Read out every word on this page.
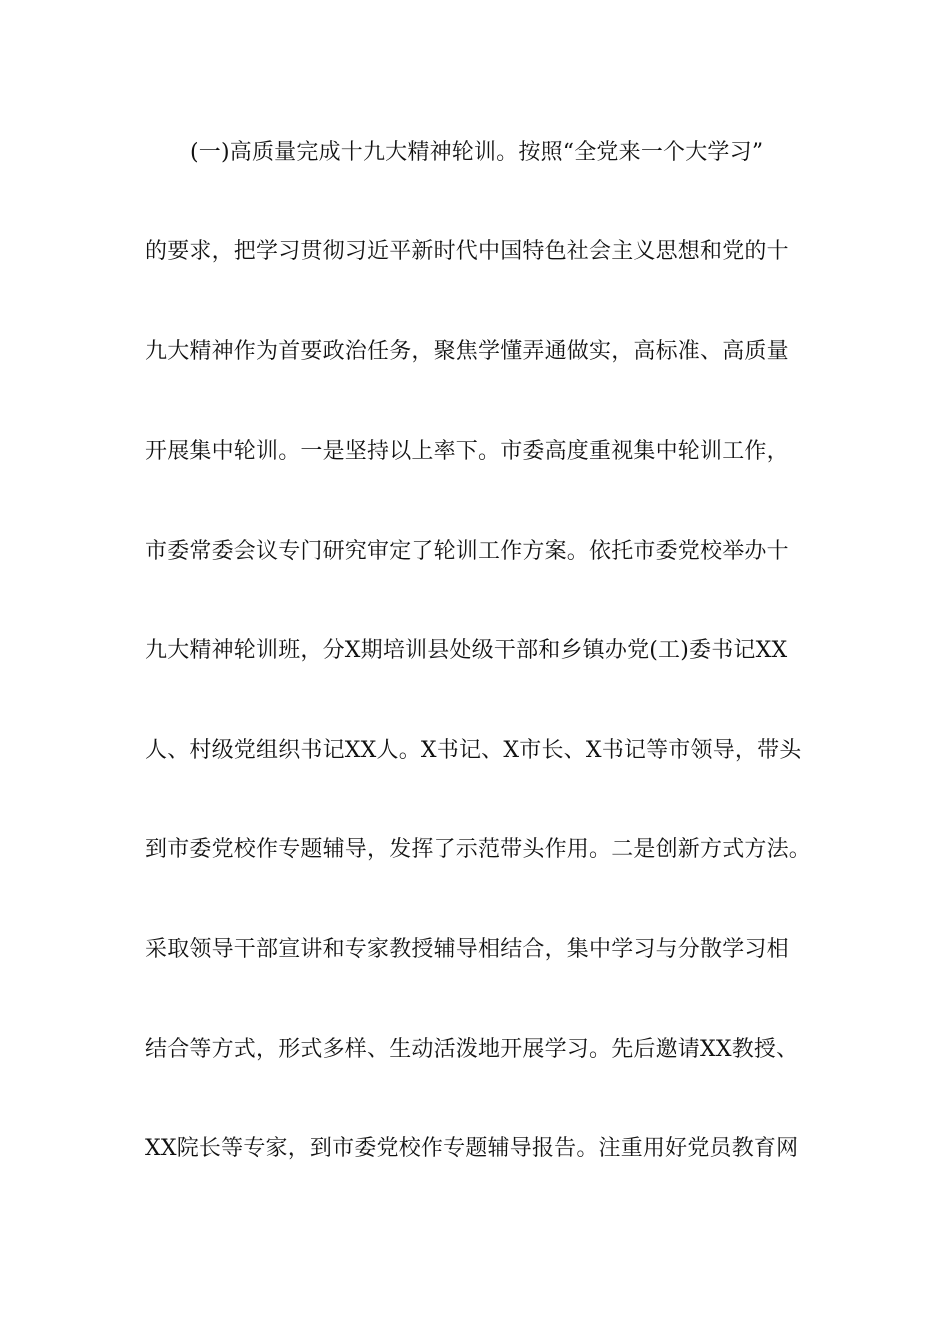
(一)高质量完成十九大精神轮训。按照“全党来一个大学习”
的要求，把学习贯彻习近平新时代中国特色社会主义思想和党的十
九大精神作为首要政治任务，聚焦学懂弄通做实，高标准、高质量
开展集中轮训。一是坚持以上率下。市委高度重视集中轮训工作，
市委常委会议专门研究审定了轮训工作方案。依托市委党校举办十
九大精神轮训班，分X期培训县处级干部和乡镇办党(工)委书记XX
人、村级党组织书记XX人。X书记、X市长、X书记等市领导，带头
到市委党校作专题辅导，发挥了示范带头作用。二是创新方式方法。
采取领导干部宣讲和专家教授辅导相结合，集中学习与分散学习相
结合等方式，形式多样、生动活泼地开展学习。先后邀请XX教授、
XX院长等专家，到市委党校作专题辅导报告。注重用好党员教育网
